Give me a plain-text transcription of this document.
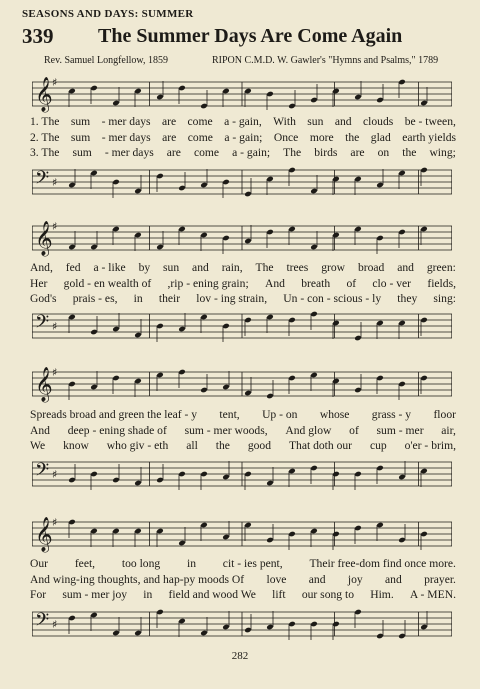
SEASONS AND DAYS: SUMMER
339 The Summer Days Are Come Again
Rev. Samuel Longfellow, 1859	RIPON C.M.D. W. Gawler's "Hymns and Psalms," 1789
𝄞 ♯
1. The sum - mer days are come a - gain, With sun and clouds be - tween,
2. The sum - mer days are come a - gain; Once more the glad earth yields
3. The sum - mer days are come a - gain; The birds are on the wing;
𝄢 ♯
𝄞 ♯
And, fed a - like by sun and rain, The trees grow broad and green:
Her gold - en wealth of ,rip - ening grain; And breath of clo - ver fields,
God's prais - es, in their lov - ing strain, Un - con - scious - ly they sing:
𝄢 ♯
𝄞 ♯
Spreads broad and green the leaf - y tent, Up - on whose grass - y floor
And deep - ening shade of sum - mer woods, And glow of sum - mer air,
We know who giv - eth all the good That doth our cup o'er - brim,
𝄢 ♯
𝄞 ♯
Our feet, too long in cit - ies pent, Their free-dom find once more.
And wing-ing thoughts, and hap-py moods Of love and joy and prayer.
For sum - mer joy in field and wood We lift our song to Him. A - MEN.
𝄢 ♯
282
